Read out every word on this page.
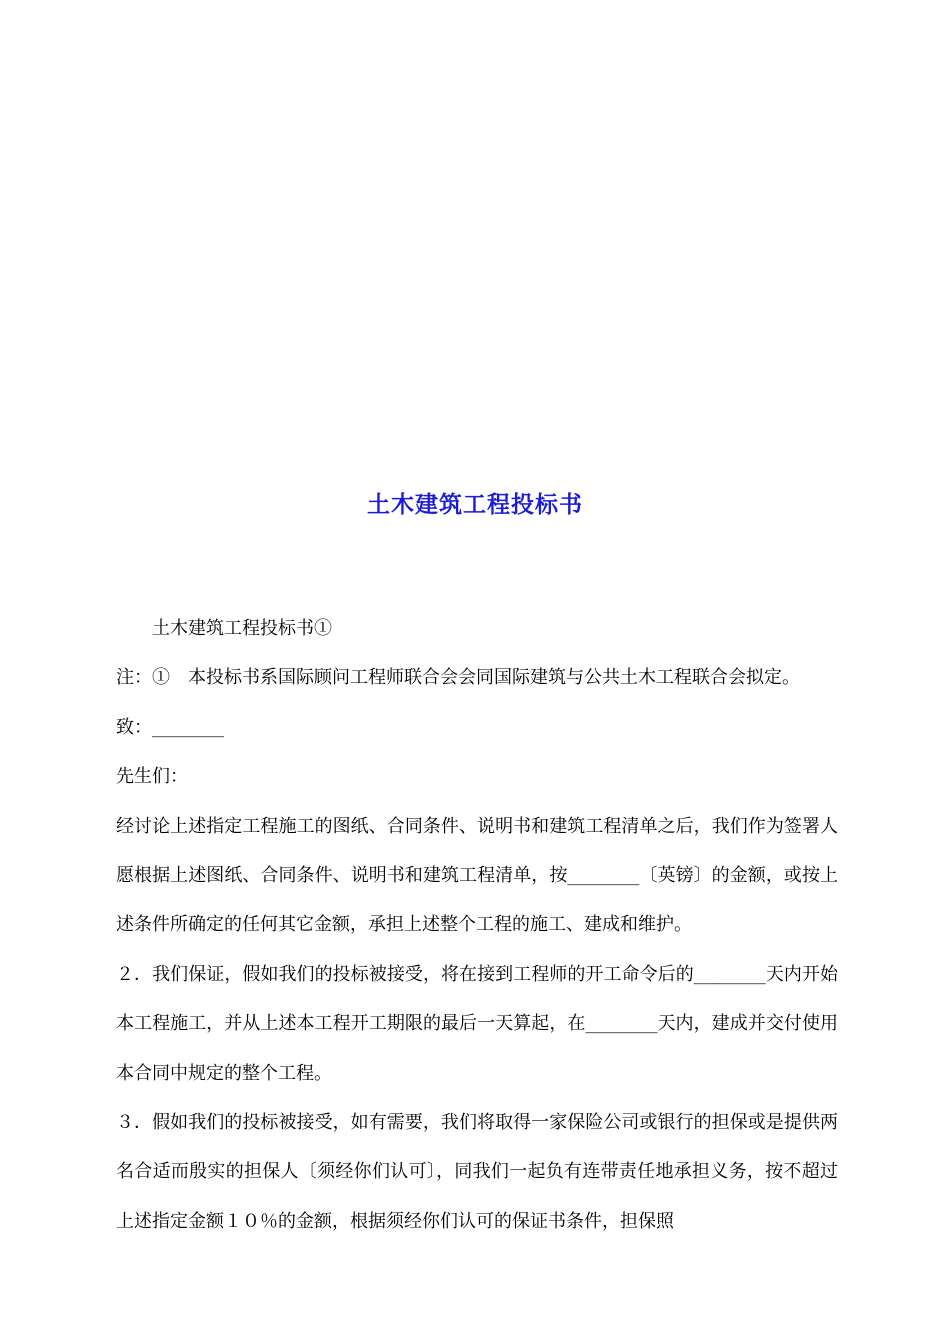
土木建筑工程投标书

土木建筑工程投标书①

注：①　本投标书系国际顾问工程师联合会会同国际建筑与公共土木工程联合会拟定。

致：________

先生们：

经讨论上述指定工程施工的图纸、合同条件、说明书和建筑工程清单之后，我们作为签署人愿根据上述图纸、合同条件、说明书和建筑工程清单，按________〔英镑〕的金额，或按上述条件所确定的任何其它金额，承担上述整个工程的施工、建成和维护。

２．我们保证，假如我们的投标被接受，将在接到工程师的开工命令后的________天内开始本工程施工，并从上述本工程开工期限的最后一天算起，在________天内，建成并交付使用本合同中规定的整个工程。

３．假如我们的投标被接受，如有需要，我们将取得一家保险公司或银行的担保或是提供两名合适而殷实的担保人〔须经你们认可〕，同我们一起负有连带责任地承担义务，按不超过上述指定金额１０％的金额，根据须经你们认可的保证书条件，担保照
